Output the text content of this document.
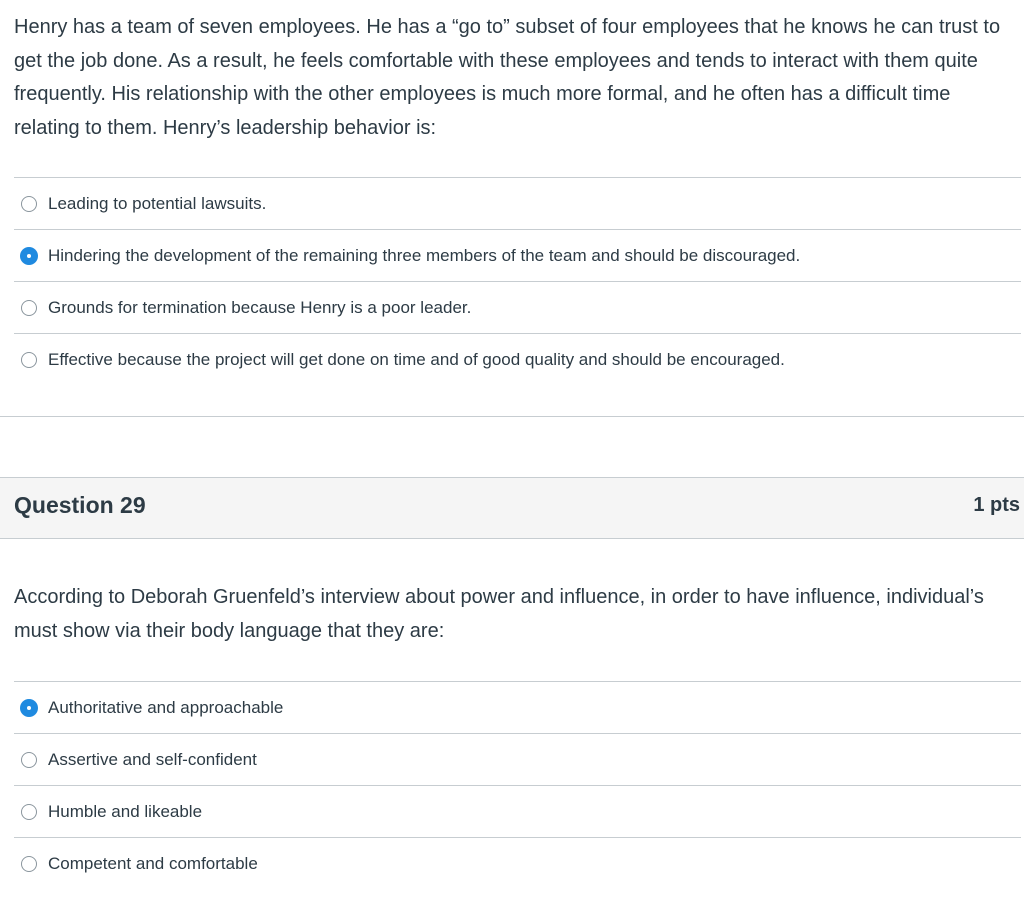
Henry has a team of seven employees. He has a “go to” subset of four employees that he knows he can trust to get the job done. As a result, he feels comfortable with these employees and tends to interact with them quite frequently. His relationship with the other employees is much more formal, and he often has a difficult time relating to them. Henry’s leadership behavior is:
Leading to potential lawsuits.
Hindering the development of the remaining three members of the team and should be discouraged.
Grounds for termination because Henry is a poor leader.
Effective because the project will get done on time and of good quality and should be encouraged.
Question 29	1 pts
According to Deborah Gruenfeld’s interview about power and influence, in order to have influence, individual’s must show via their body language that they are:
Authoritative and approachable
Assertive and self-confident
Humble and likeable
Competent and comfortable
